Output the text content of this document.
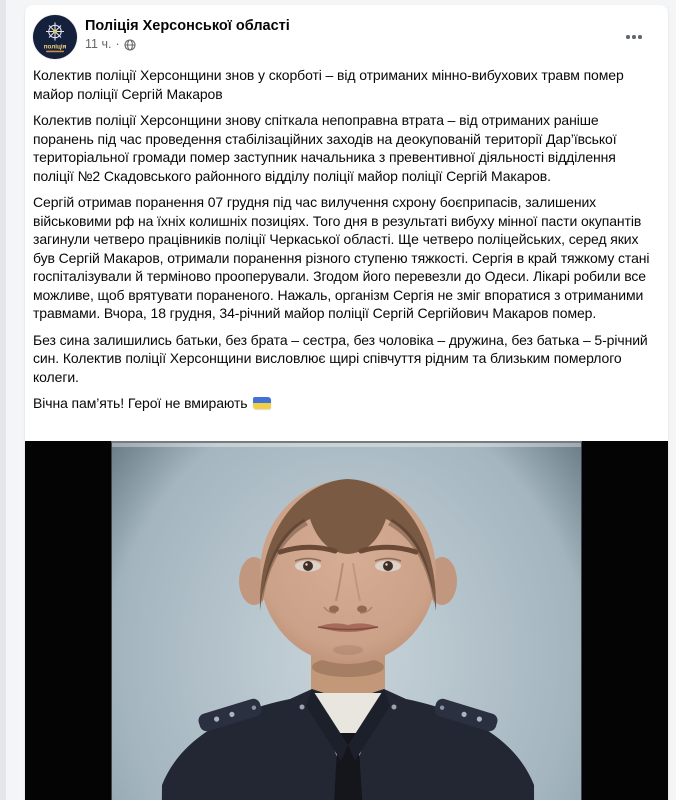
поліція
Поліція Херсонської області
11 ч. ·

Колектив поліції Херсонщини знов у скорботі – від отриманих мінно-вибухових травм помер майор поліції Сергій Макаров

Колектив поліції Херсонщини знову спіткала непоправна втрата – від отриманих раніше поранень під час проведення стабілізаційних заходів на деокупованій території Дар’ївської територіальної громади помер заступник начальника з превентивної діяльності відділення поліції №2 Скадовського районного відділу поліції майор поліції Сергій Макаров.

Сергій отримав поранення 07 грудня під час вилучення схрону боєприпасів, залишених військовими рф на їхніх колишніх позиціях. Того дня в результаті вибуху мінної пасти окупантів загинули четверо працівників поліції Черкаської області. Ще четверо поліцейських, серед яких був Сергій Макаров, отримали поранення різного ступеню тяжкості. Сергія в край тяжкому стані госпіталізували й терміново прооперували. Згодом його перевезли до Одеси. Лікарі робили все можливе, щоб врятувати пораненого. Нажаль, організм Сергія не зміг впоратися з отриманими травмами. Вчора, 18 грудня, 34-річний майор поліції Сергій Сергійович Макаров помер.

Без сина залишились батьки, без брата – сестра, без чоловіка – дружина, без батька – 5-річний син. Колектив поліції Херсонщини висловлює щирі співчуття рідним та близьким померлого колеги.

Вічна пам’ять! Герої не вмирають
